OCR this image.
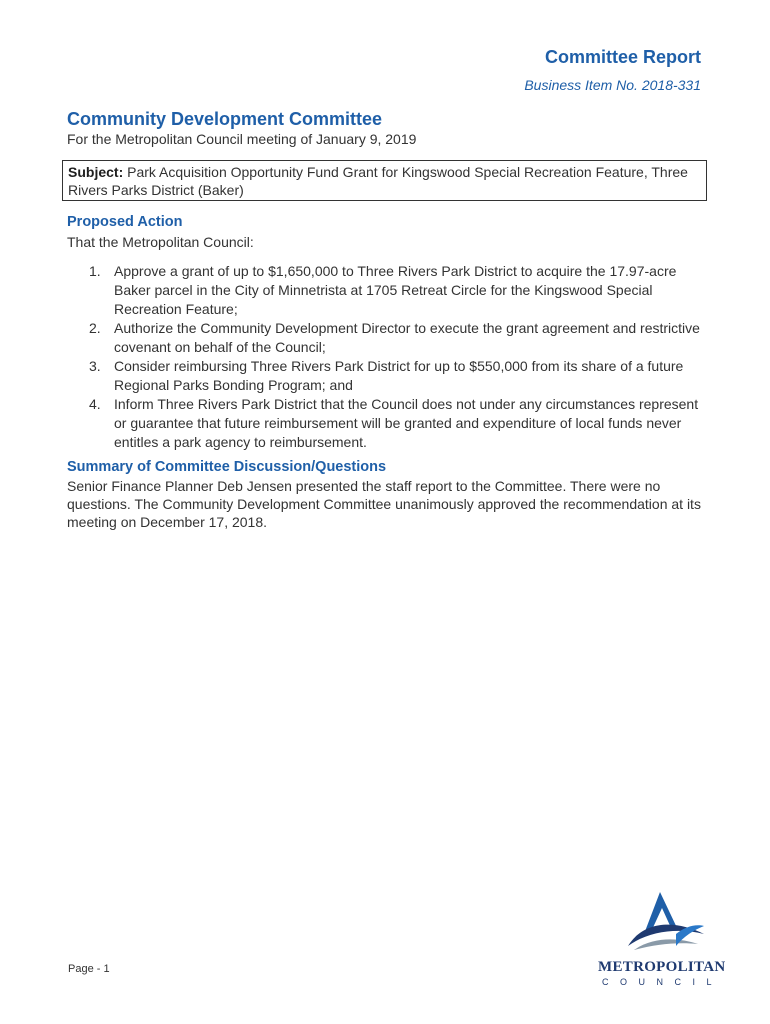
Committee Report

Business Item No. 2018-331

Community Development Committee

For the Metropolitan Council meeting of January 9, 2019

Subject: Park Acquisition Opportunity Fund Grant for Kingswood Special Recreation Feature, Three Rivers Parks District (Baker)
Proposed Action

That the Metropolitan Council:

1. Approve a grant of up to $1,650,000 to Three Rivers Park District to acquire the 17.97-acre Baker parcel in the City of Minnetrista at 1705 Retreat Circle for the Kingswood Special Recreation Feature;
2. Authorize the Community Development Director to execute the grant agreement and restrictive covenant on behalf of the Council;
3. Consider reimbursing Three Rivers Park District for up to $550,000 from its share of a future Regional Parks Bonding Program; and
4. Inform Three Rivers Park District that the Council does not under any circumstances represent or guarantee that future reimbursement will be granted and expenditure of local funds never entitles a park agency to reimbursement.
Summary of Committee Discussion/Questions

Senior Finance Planner Deb Jensen presented the staff report to the Committee. There were no questions. The Community Development Committee unanimously approved the recommendation at its meeting on December 17, 2018.

Page - 1	METROPOLITAN
COUNCIL
